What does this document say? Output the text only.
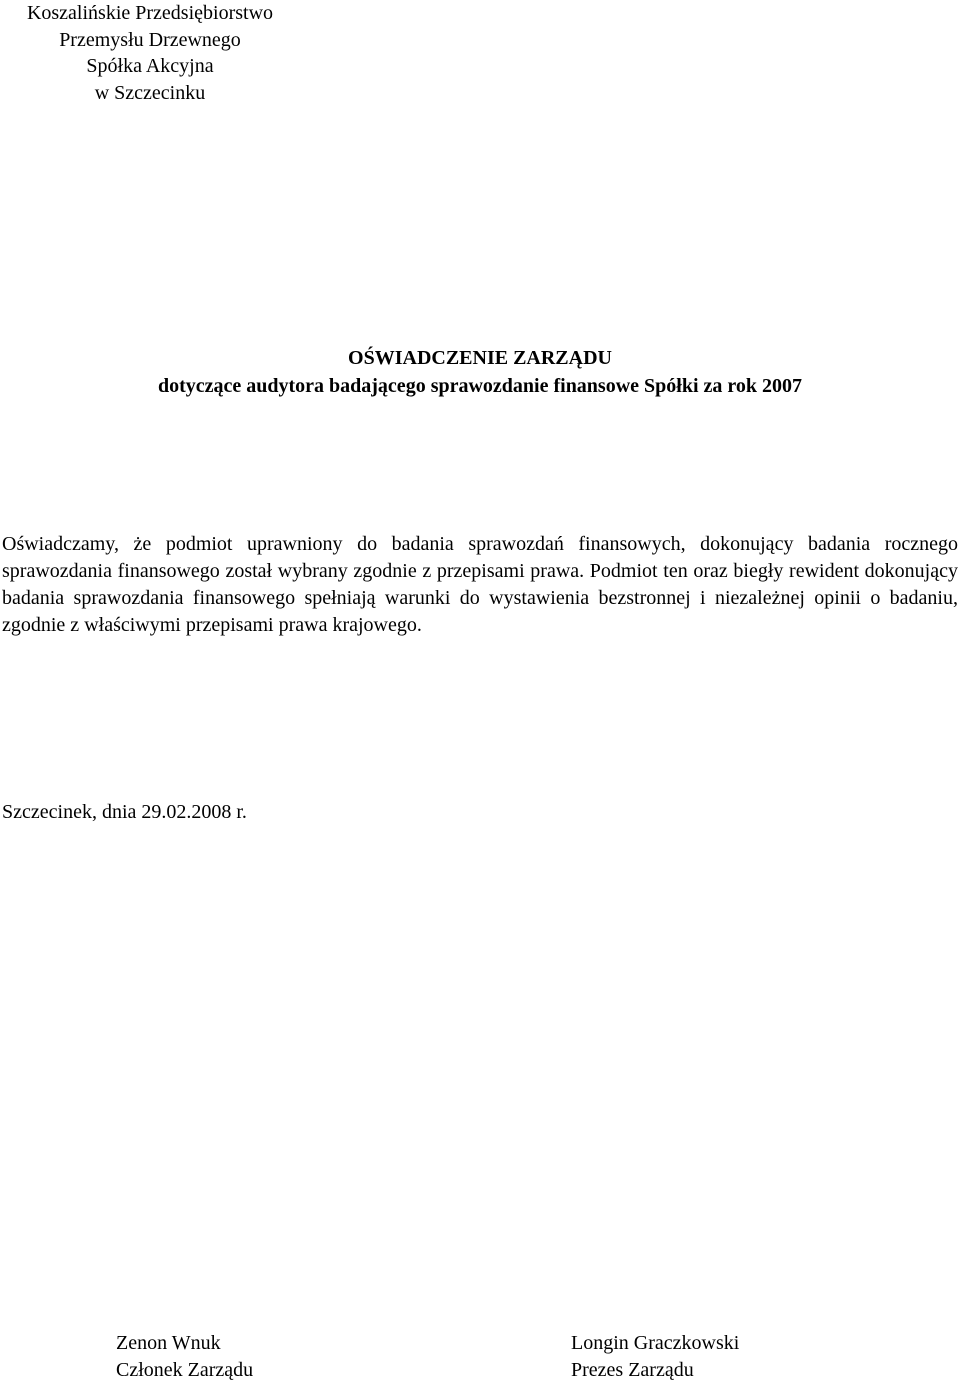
Koszalińskie Przedsiębiorstwo
Przemysłu Drzewnego
Spółka Akcyjna
w Szczecinku
OŚWIADCZENIE ZARZĄDU
dotyczące audytora badającego sprawozdanie finansowe Spółki za rok 2007

Oświadczamy, że podmiot uprawniony do badania sprawozdań finansowych, dokonujący badania rocznego sprawozdania finansowego został wybrany zgodnie z przepisami prawa. Podmiot ten oraz biegły rewident dokonujący badania sprawozdania finansowego spełniają warunki do wystawienia bezstronnej i niezależnej opinii o badaniu, zgodnie z właściwymi przepisami prawa krajowego.

Szczecinek, dnia 29.02.2008 r.
Zenon Wnuk
Członek Zarządu
Longin Graczkowski
Prezes Zarządu
